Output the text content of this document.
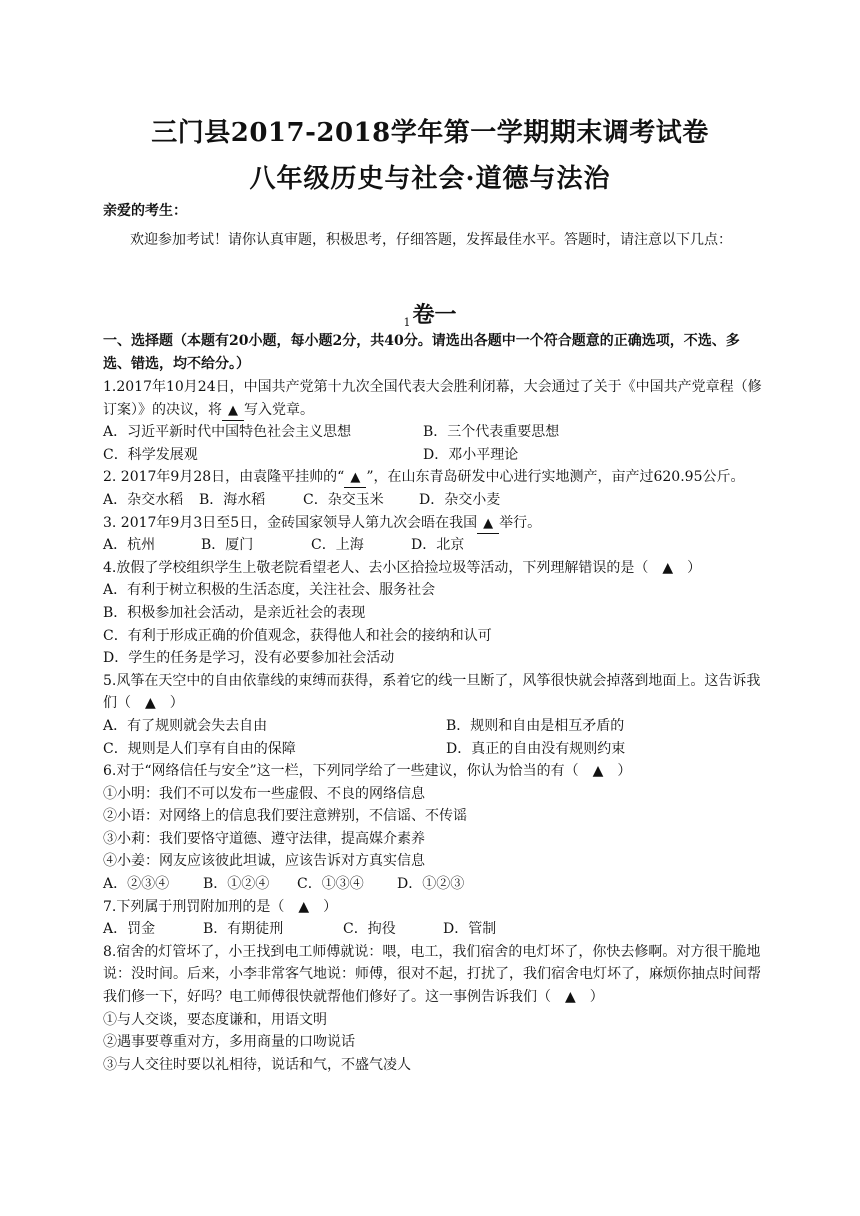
三门县2017-2018学年第一学期期末调考试卷
八年级历史与社会·道德与法治
亲爱的考生：
欢迎参加考试！请你认真审题，积极思考，仔细答题，发挥最佳水平。答题时，请注意以下几点：
$_1$卷一
一、选择题（本题有20小题，每小题2分，共40分。请选出各题中一个符合题意的正确选项，不选、多选、错选，均不给分。）
1.2017年10月24日，中国共产党第十九次全国代表大会胜利闭幕，大会通过了关于《中国共产党章程（修订案）》的决议，将 ▲ 写入党章。
A．习近平新时代中国特色社会主义思想	B．三个代表重要思想
C．科学发展观	D．邓小平理论
2. 2017年9月28日，由袁隆平挂帅的“ ▲ ”，在山东青岛研发中心进行实地测产，亩产过620.95公斤。
A．杂交水稻 B．海水稻	C．杂交玉米	D．杂交小麦
3. 2017年9月3日至5日，金砖国家领导人第九次会晤在我国 ▲ 举行。
A．杭州	B．厦门	C．上海	D．北京
4.放假了学校组织学生上敬老院看望老人、去小区拾捡垃圾等活动，下列理解错误的是（　▲　）
A．有利于树立积极的生活态度，关注社会、服务社会
B．积极参加社会活动，是亲近社会的表现
C．有利于形成正确的价值观念，获得他人和社会的接纳和认可
D．学生的任务是学习，没有必要参加社会活动
5.风筝在天空中的自由依靠线的束缚而获得，系着它的线一旦断了，风筝很快就会掉落到地面上。这告诉我们（　▲　）
A．有了规则就会失去自由	B．规则和自由是相互矛盾的
C．规则是人们享有自由的保障	D．真正的自由没有规则约束
6.对于“网络信任与安全”这一栏，下列同学给了一些建议，你认为恰当的有（　▲　）
①小明：我们不可以发布一些虚假、不良的网络信息
②小语：对网络上的信息我们要注意辨别，不信谣、不传谣
③小莉：我们要恪守道德、遵守法律，提高媒介素养
④小姜：网友应该彼此坦诚，应该告诉对方真实信息
A．②③④ B．①②④ C．①③④ D．①②③
7.下列属于刑罚附加刑的是（　▲　）
A．罚金	B．有期徒刑	C．拘役	D．管制
8.宿舍的灯管坏了，小王找到电工师傅就说：喂，电工，我们宿舍的电灯坏了，你快去修啊。对方很干脆地说：没时间。后来，小李非常客气地说：师傅，很对不起，打扰了，我们宿舍电灯坏了，麻烦你抽点时间帮我们修一下，好吗？电工师傅很快就帮他们修好了。这一事例告诉我们（　▲　）
①与人交谈，要态度谦和，用语文明
②遇事要尊重对方，多用商量的口吻说话
③与人交往时要以礼相待，说话和气，不盛气凌人
